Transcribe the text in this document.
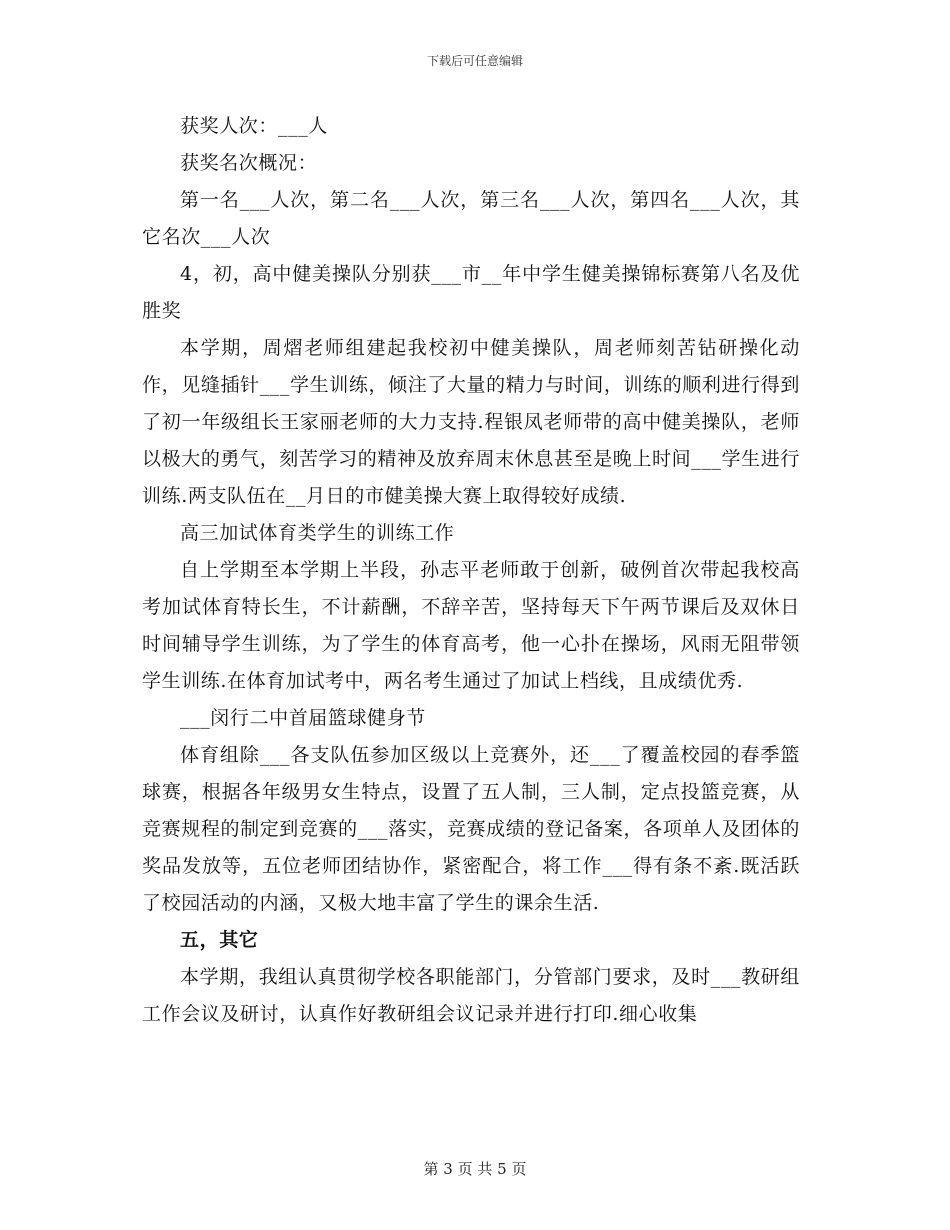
下载后可任意编辑

获奖人次：___人

获奖名次概况：

第一名___人次，第二名___人次，第三名___人次，第四名___人次，其它名次___人次

4，初，高中健美操队分别获___市__年中学生健美操锦标赛第八名及优胜奖

本学期，周熠老师组建起我校初中健美操队，周老师刻苦钻研操化动作，见缝插针___学生训练，倾注了大量的精力与时间，训练的顺利进行得到了初一年级组长王家丽老师的大力支持.程银凤老师带的高中健美操队，老师以极大的勇气，刻苦学习的精神及放弃周末休息甚至是晚上时间___学生进行训练.两支队伍在__月日的市健美操大赛上取得较好成绩.

高三加试体育类学生的训练工作

自上学期至本学期上半段，孙志平老师敢于创新，破例首次带起我校高考加试体育特长生，不计薪酬，不辞辛苦，坚持每天下午两节课后及双休日时间辅导学生训练，为了学生的体育高考，他一心扑在操场，风雨无阻带领学生训练.在体育加试考中，两名考生通过了加试上档线，且成绩优秀.

___闵行二中首届篮球健身节

体育组除___各支队伍参加区级以上竞赛外，还___了覆盖校园的春季篮球赛，根据各年级男女生特点，设置了五人制，三人制，定点投篮竞赛，从竞赛规程的制定到竞赛的___落实，竞赛成绩的登记备案，各项单人及团体的奖品发放等，五位老师团结协作，紧密配合，将工作___得有条不紊.既活跃了校园活动的内涵，又极大地丰富了学生的课余生活.

五，其它

本学期，我组认真贯彻学校各职能部门，分管部门要求，及时___教研组工作会议及研讨，认真作好教研组会议记录并进行打印.细心收集

第 3 页 共 5 页
